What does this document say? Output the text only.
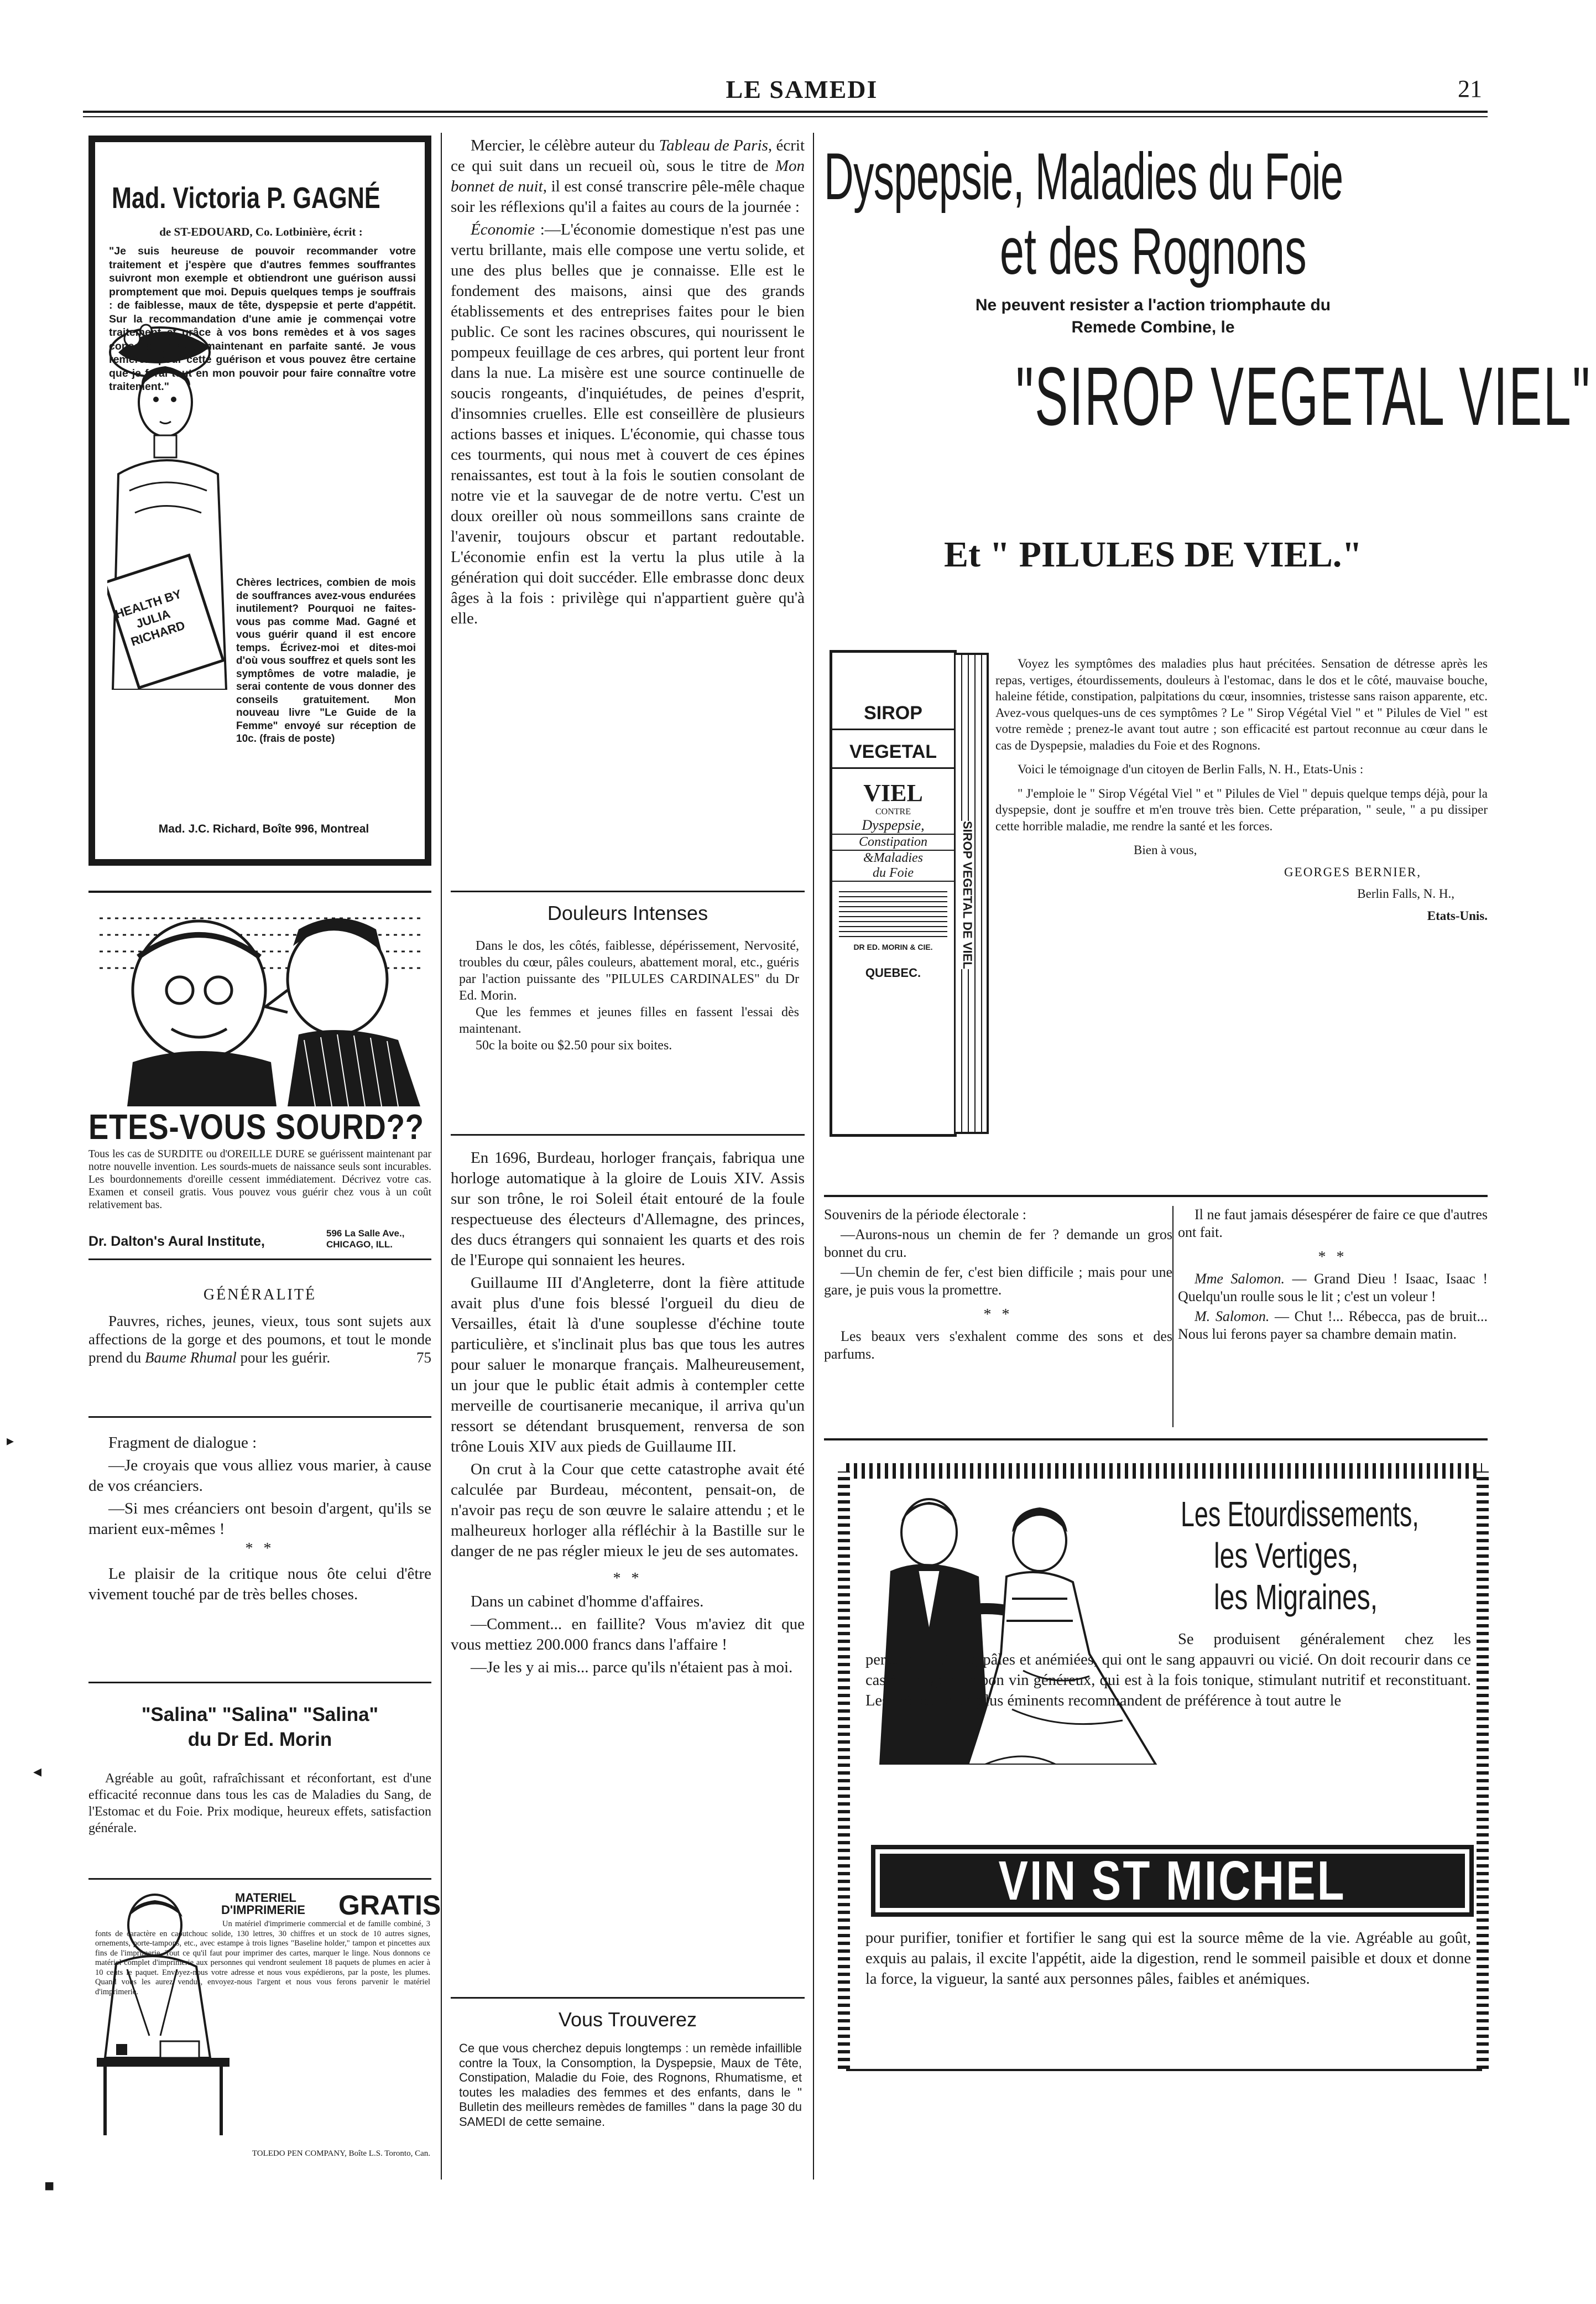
LE SAMEDI	21
Mad. Victoria P. GAGNÉ
de ST-EDOUARD, Co. Lotbinière, écrit :
HEALTH BY JULIA RICHARD
"Je suis heureuse de pouvoir recommander votre traitement et j'espère que d'autres femmes souffrantes suivront mon exemple et obtiendront une guérison aussi promptement que moi. Depuis quelques temps je souffrais : de faiblesse, maux de tête, dyspepsie et perte d'appétit. Sur la recommandation d'une amie je commençai votre traitement et grâce à vos bons remèdes et à vos sages conseils, je suis maintenant en parfaite santé. Je vous remercie pour cette guérison et vous pouvez être certaine que je ferai tout en mon pouvoir pour faire connaître votre traitement."
Chères lectrices, combien de mois de souffrances avez-vous endurées inutilement? Pourquoi ne faites-vous pas comme Mad. Gagné et vous guérir quand il est encore temps. Écrivez-moi et dites-moi d'où vous souffrez et quels sont les symptômes de votre maladie, je serai contente de vous donner des conseils gratuitement. Mon nouveau livre "Le Guide de la Femme" envoyé sur réception de 10c. (frais de poste)
Mad. J.C. Richard, Boîte 996, Montreal
ETES-VOUS SOURD??
Tous les cas de SURDITE ou d'OREILLE DURE se guérissent maintenant par notre nouvelle invention. Les sourds-muets de naissance seuls sont incurables. Les bourdonnements d'oreille cessent immédiatement. Décrivez votre cas. Examen et conseil gratis. Vous pouvez vous guérir chez vous à un coût relativement bas.
Dr. Dalton's Aural Institute,
596 La Salle Ave., CHICAGO, ILL.
GÉNÉRALITÉ

Pauvres, riches, jeunes, vieux, tous sont sujets aux affections de la gorge et des poumons, et tout le monde prend du Baume Rhumal pour les guérir.	75

Fragment de dialogue :

—Je croyais que vous alliez vous marier, à cause de vos créanciers.

—Si mes créanciers ont besoin d'argent, qu'ils se marient eux-mêmes !

* *

Le plaisir de la critique nous ôte celui d'être vivement touché par de très belles choses.

"Salina" "Salina" "Salina"
du Dr Ed. Morin
Agréable au goût, rafraîchissant et réconfortant, est d'une efficacité reconnue dans tous les cas de Maladies du Sang, de l'Estomac et du Foie. Prix modique, heureux effets, satisfaction générale.
MATERIEL
D'IMPRIMERIE GRATIS
Un matériel d'imprimerie commercial et de famille combiné, 3 fonts de caractère en caoutchouc solide, 130 lettres, 30 chiffres et un stock de 10 autres signes, ornements, porte-tampons, etc., avec estampe à trois lignes "Baseline holder," tampon et pincettes aux fins de l'imprimerie. Tout ce qu'il faut pour imprimer des cartes, marquer le linge. Nous donnons ce matériel complet d'imprimerie aux personnes qui vendront seulement 18 paquets de plumes en acier à 10 cents le paquet. Envoyez-nous votre adresse et nous vous expédierons, par la poste, les plumes. Quand vous les aurez vendus, envoyez-nous l'argent et nous vous ferons parvenir le matériel d'imprimerie.
TOLEDO PEN COMPANY, Boîte L.S. Toronto, Can.

Mercier, le célèbre auteur du Tableau de Paris, écrit ce qui suit dans un recueil où, sous le titre de Mon bonnet de nuit, il est consé transcrire pêle-mêle chaque soir les réflexions qu'il a faites au cours de la journée :

Économie :—L'économie domestique n'est pas une vertu brillante, mais elle compose une vertu solide, et une des plus belles que je connaisse. Elle est le fondement des maisons, ainsi que des grands établissements et des entreprises faites pour le bien public. Ce sont les racines obscures, qui nourissent le pompeux feuillage de ces arbres, qui portent leur front dans la nue. La misère est une source continuelle de soucis rongeants, d'inquiétudes, de peines d'esprit, d'insomnies cruelles. Elle est conseillère de plusieurs actions basses et iniques. L'économie, qui chasse tous ces tourments, qui nous met à couvert de ces épines renaissantes, est tout à la fois le soutien consolant de notre vie et la sauvegar de de notre vertu. C'est un doux oreiller où nous sommeillons sans crainte de l'avenir, toujours obscur et partant redoutable. L'économie enfin est la vertu la plus utile à la génération qui doit succéder. Elle embrasse donc deux âges à la fois : privilège qui n'appartient guère qu'à elle.

Douleurs Intenses

Dans le dos, les côtés, faiblesse, dépérissement, Nervosité, troubles du cœur, pâles couleurs, abattement moral, etc., guéris par l'action puissante des "PILULES CARDINALES" du Dr Ed. Morin.

Que les femmes et jeunes filles en fassent l'essai dès maintenant.

50c la boite ou $2.50 pour six boites.

En 1696, Burdeau, horloger français, fabriqua une horloge automatique à la gloire de Louis XIV. Assis sur son trône, le roi Soleil était entouré de la foule respectueuse des électeurs d'Allemagne, des princes, des ducs étrangers qui sonnaient les quarts et des rois de l'Europe qui sonnaient les heures.

Guillaume III d'Angleterre, dont la fière attitude avait plus d'une fois blessé l'orgueil du dieu de Versailles, était là d'une souplesse d'échine toute particulière, et s'inclinait plus bas que tous les autres pour saluer le monarque français. Malheureusement, un jour que le public était admis à contempler cette merveille de courtisanerie mecanique, il arriva qu'un ressort se détendant brusquement, renversa de son trône Louis XIV aux pieds de Guillaume III.

On crut à la Cour que cette catastrophe avait été calculée par Burdeau, mécontent, pensait-on, de n'avoir pas reçu de son œuvre le salaire attendu ; et le malheureux horloger alla réfléchir à la Bastille sur le danger de ne pas régler mieux le jeu de ses automates.

* *

Dans un cabinet d'homme d'affaires.

—Comment... en faillite? Vous m'aviez dit que vous mettiez 200.000 francs dans l'affaire !

—Je les y ai mis... parce qu'ils n'étaient pas à moi.

Vous Trouverez
Ce que vous cherchez depuis longtemps : un remède infaillible contre la Toux, la Consomption, la Dyspepsie, Maux de Tête, Constipation, Maladie du Foie, des Rognons, Rhumatisme, et toutes les maladies des femmes et des enfants, dans le " Bulletin des meilleurs remèdes de familles " dans la page 30 du SAMEDI de cette semaine.
Dyspepsie, Maladies du Foie
et des Rognons
Ne peuvent resister a l'action triomphaute du
Remede Combine, le
"SIROP VEGETAL VIEL"
Et " PILULES DE VIEL."
SIROP
VEGETAL
VIEL
CONTRE
Dyspepsie,
Constipation
&Maladies
du Foie
DR ED. MORIN & CIE.
QUEBEC.
SIROP VEGETAL DE VIEL

Voyez les symptômes des maladies plus haut précitées. Sensation de détresse après les repas, vertiges, étourdissements, douleurs à l'estomac, dans le dos et le côté, mauvaise bouche, haleine fétide, constipation, palpitations du cœur, insomnies, tristesse sans raison apparente, etc. Avez-vous quelques-uns de ces symptômes ? Le " Sirop Végétal Viel " et " Pilules de Viel " est votre remède ; prenez-le avant tout autre ; son efficacité est partout reconnue au cœur dans le cas de Dyspepsie, maladies du Foie et des Rognons.

Voici le témoignage d'un citoyen de Berlin Falls, N. H., Etats-Unis :

" J'emploie le " Sirop Végétal Viel " et " Pilules de Viel " depuis quelque temps déjà, pour la dyspepsie, dont je souffre et m'en trouve très bien. Cette préparation, " seule, " a pu dissiper cette horrible maladie, me rendre la santé et les forces.

Bien à vous,

GEORGES BERNIER,

Berlin Falls, N. H.,

Etats-Unis.

Souvenirs de la période électorale :

—Aurons-nous un chemin de fer ? demande un gros bonnet du cru.

—Un chemin de fer, c'est bien difficile ; mais pour une gare, je puis vous la promettre.

* *

Les beaux vers s'exhalent comme des sons et des parfums.

Il ne faut jamais désespérer de faire ce que d'autres ont fait.

* *

Mme Salomon. — Grand Dieu ! Isaac, Isaac ! Quelqu'un roulle sous le lit ; c'est un voleur !

M. Salomon. — Chut !... Rébecca, pas de bruit... Nous lui ferons payer sa chambre demain matin.

Les Etourdissements,
les Vertiges,
les Migraines,
Se produisent généralement chez les personnes faibles, pâles et anémiées, qui ont le sang appauvri ou vicié. On doit recourir dans ce cas à l'usage d'un bon vin généreux, qui est à la fois tonique, stimulant nutritif et reconstituant. Les médecins les plus éminents recommandent de préférence à tout autre le
VIN ST MICHEL
pour purifier, tonifier et fortifier le sang qui est la source même de la vie. Agréable au goût, exquis au palais, il excite l'appétit, aide la digestion, rend le sommeil paisible et doux et donne la force, la vigueur, la santé aux personnes pâles, faibles et anémiques.
▸
◂
■
